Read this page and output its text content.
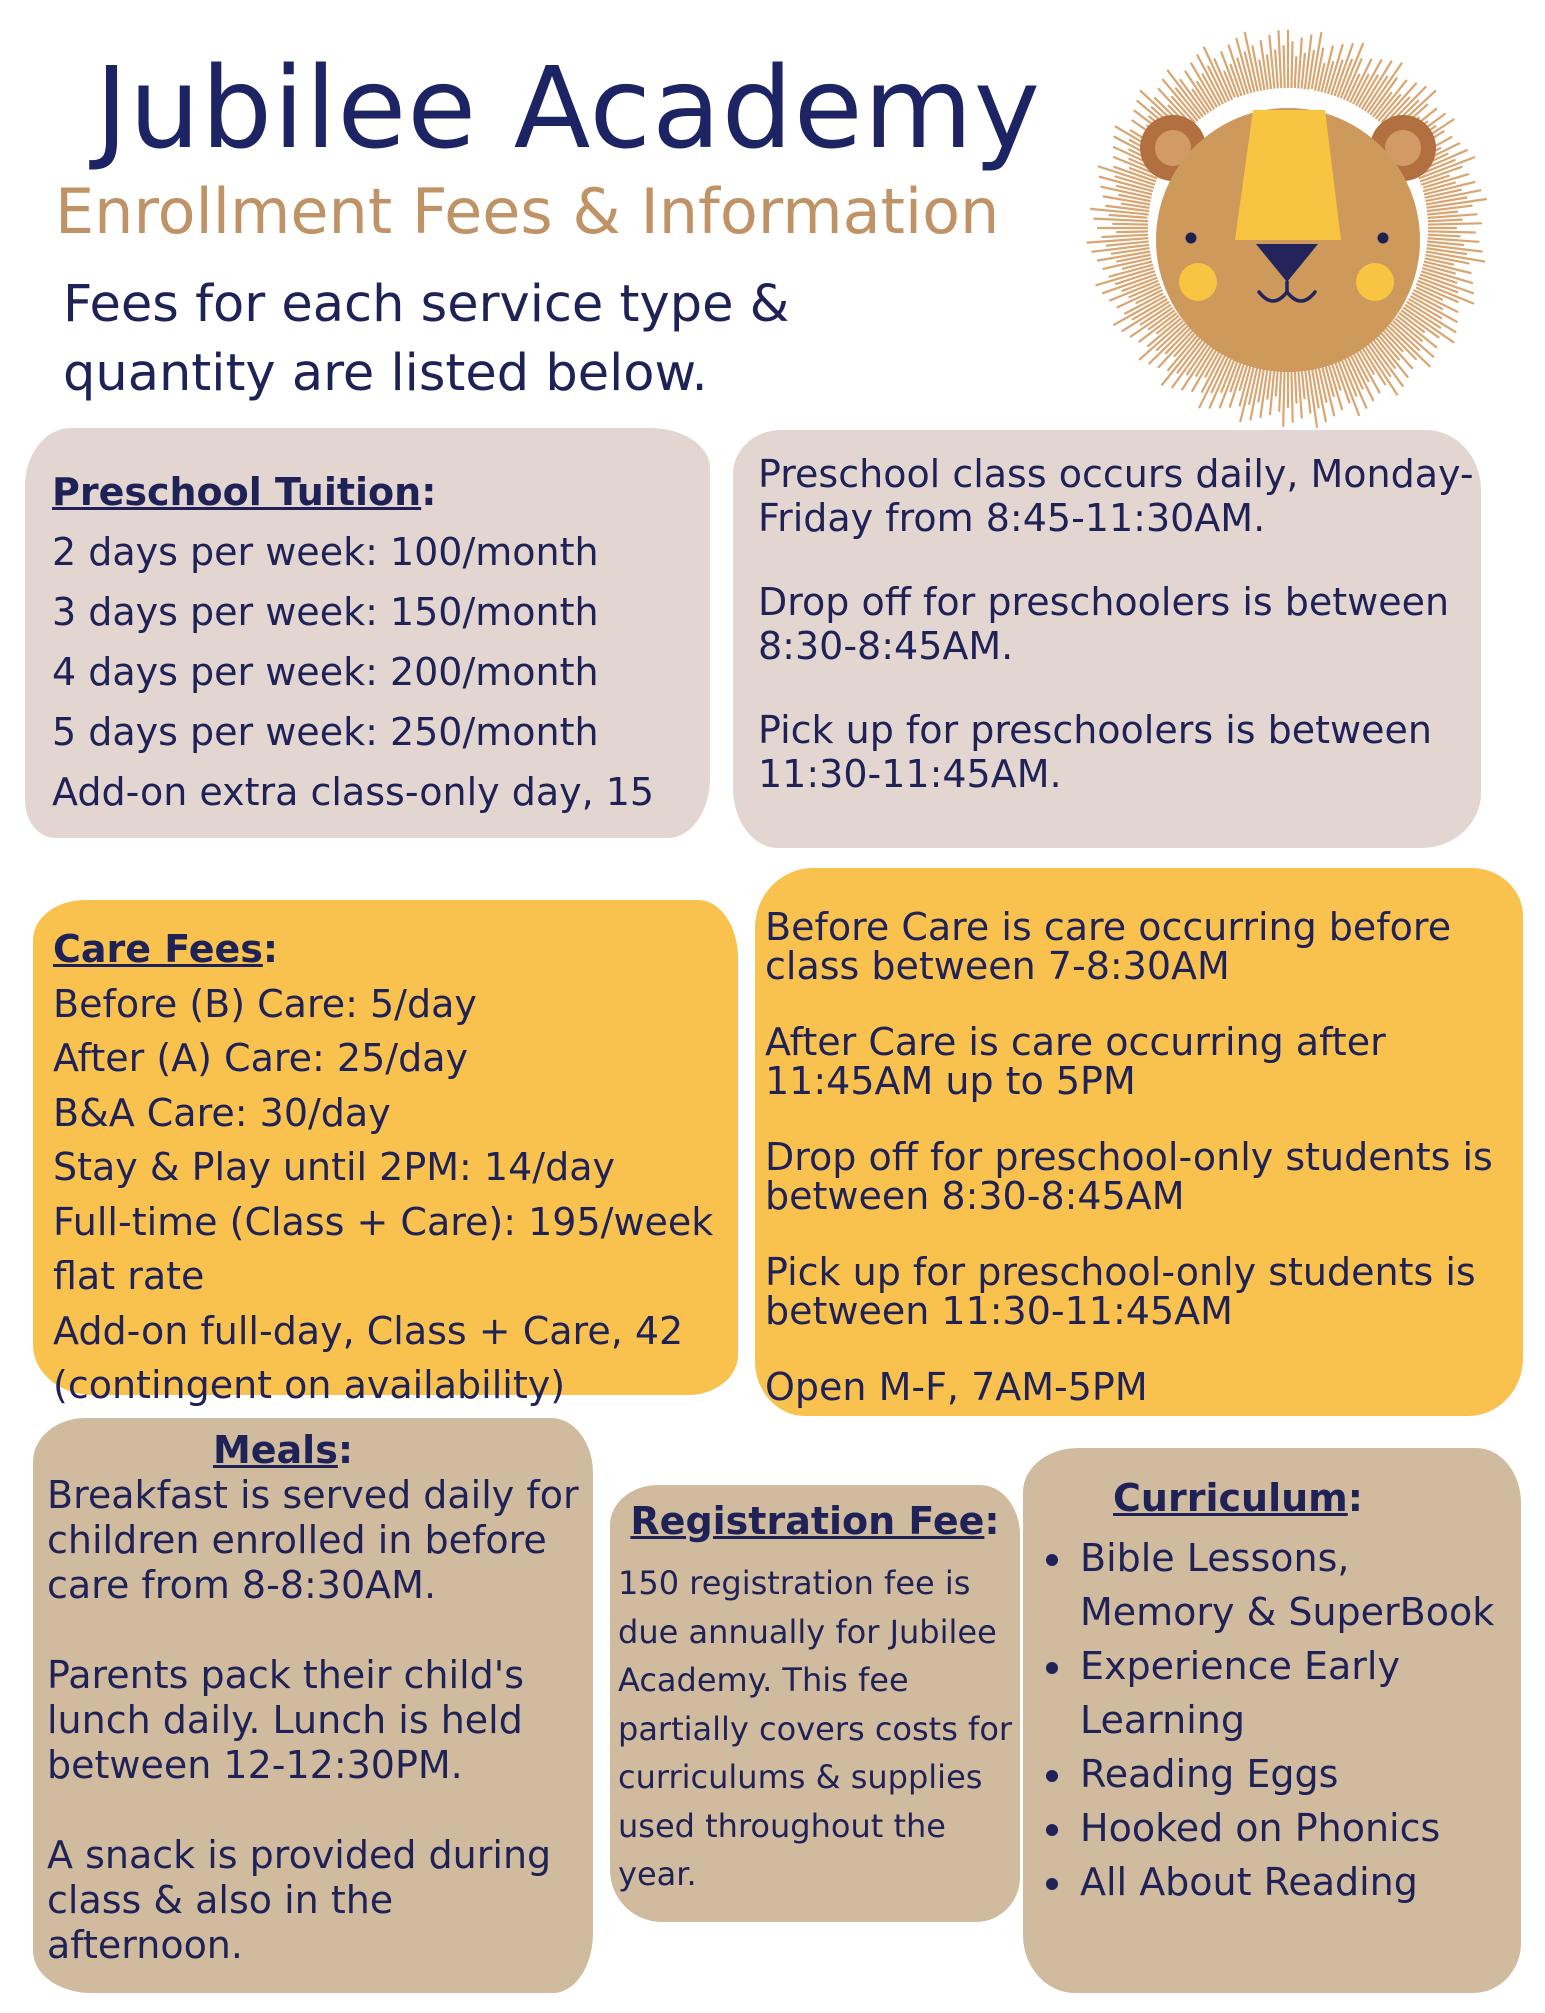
Jubilee Academy
Enrollment Fees & Information
Fees for each service type & quantity are listed below.
Preschool Tuition:
2 days per week: 100/month
3 days per week: 150/month
4 days per week: 200/month
5 days per week: 250/month
Add-on extra class-only day, 15
Preschool class occurs daily, Monday-Friday from 8:45-11:30AM.
Drop off for preschoolers is between 8:30-8:45AM.
Pick up for preschoolers is between 11:30-11:45AM.
Care Fees:
Before (B) Care: 5/day
After (A) Care: 25/day
B&A Care: 30/day
Stay & Play until 2PM: 14/day
Full-time (Class + Care): 195/week flat rate
Add-on full-day, Class + Care, 42 (contingent on availability)
Before Care is care occurring before class between 7-8:30AM
After Care is care occurring after 11:45AM up to 5PM
Drop off for preschool-only students is between 8:30-8:45AM
Pick up for preschool-only students is between 11:30-11:45AM
Open M-F, 7AM-5PM
Meals:
Breakfast is served daily for children enrolled in before care from 8-8:30AM.
Parents pack their child's lunch daily. Lunch is held between 12-12:30PM.
A snack is provided during class & also in the afternoon.
Registration Fee:
150 registration fee is due annually for Jubilee Academy. This fee partially covers costs for curriculums & supplies used throughout the year.
Curriculum:
• Bible Lessons, Memory & SuperBook
• Experience Early Learning
• Reading Eggs
• Hooked on Phonics
• All About Reading
